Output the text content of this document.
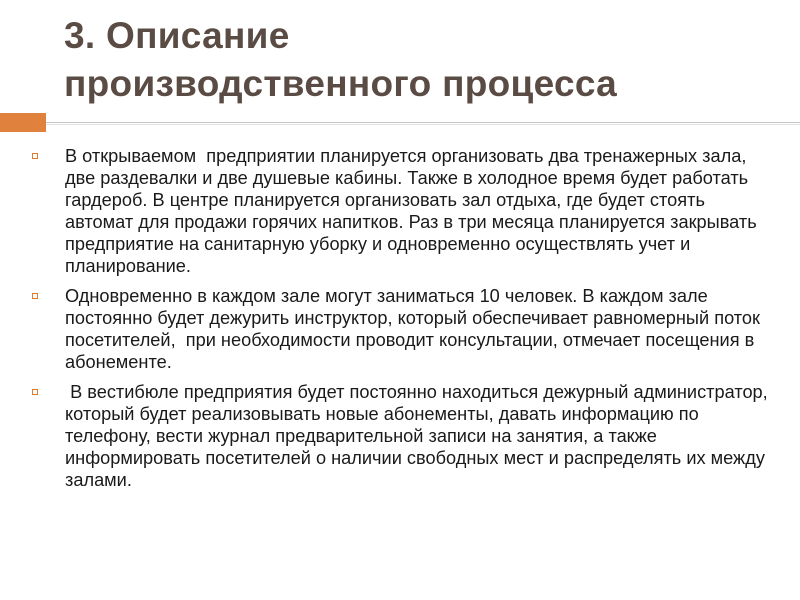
3. Описание
производственного процесса
В открываемом  предприятии планируется организовать два тренажерных зала, две раздевалки и две душевые кабины. Также в холодное время будет работать гардероб. В центре планируется организовать зал отдыха, где будет стоять автомат для продажи горячих напитков. Раз в три месяца планируется закрывать предприятие на санитарную уборку и одновременно осуществлять учет и планирование.
Одновременно в каждом зале могут заниматься 10 человек. В каждом зале постоянно будет дежурить инструктор, который обеспечивает равномерный поток посетителей,  при необходимости проводит консультации, отмечает посещения в абонементе.
В вестибюле предприятия будет постоянно находиться дежурный администратор,  который будет реализовывать новые абонементы, давать информацию по телефону, вести журнал предварительной записи на занятия, а также информировать посетителей о наличии свободных мест и распределять их между залами.
